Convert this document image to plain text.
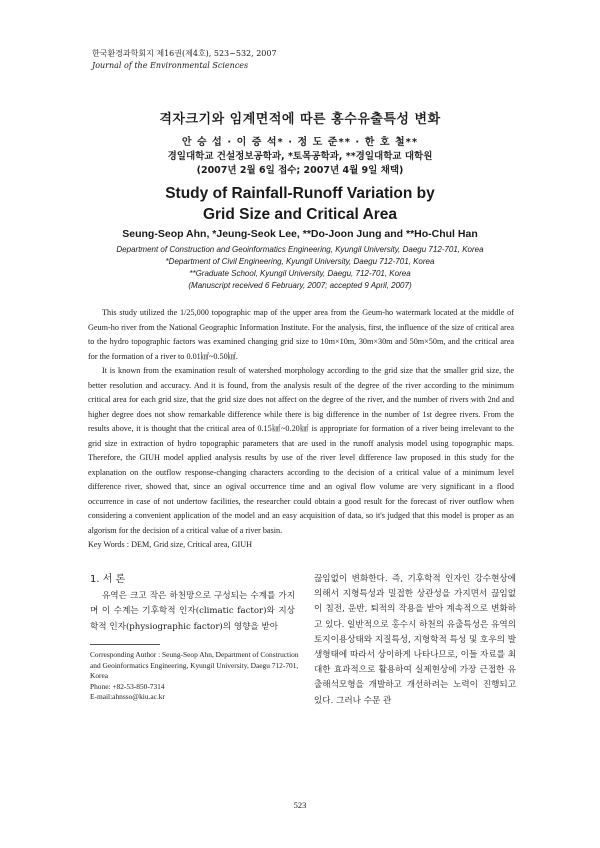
한국환경과학회지 제16권(제4호), 523~532, 2007
Journal of the Environmental Sciences
격자크기와 임계면적에 따른 홍수유출특성 변화
안 승 섭 · 이 증 석* · 정 도 준** · 한 호 철**
경일대학교 건설정보공학과, *토목공학과, **경일대학교 대학원
(2007년 2월 6일 접수; 2007년 4월 9일 채택)
Study of Rainfall-Runoff Variation by
Grid Size and Critical Area
Seung-Seop Ahn, *Jeung-Seok Lee, **Do-Joon Jung and **Ho-Chul Han
Department of Construction and Geoinformatics Engineering, Kyungil University, Daegu 712-701, Korea
*Department of Civil Engineering, Kyungil University, Daegu 712-701, Korea
**Graduate School, Kyungil University, Daegu, 712-701, Korea
(Manuscript received 6 February, 2007; accepted 9 April, 2007)

This study utilized the 1/25,000 topographic map of the upper area from the Geum-ho watermark located at the middle of Geum-ho river from the National Geographic Information Institute. For the analysis, first, the influence of the size of critical area to the hydro topographic factors was examined changing grid size to 10m×10m, 30m×30m and 50m×50m, and the critical area for the formation of a river to 0.01㎢~0.50㎢.

It is known from the examination result of watershed morphology according to the grid size that the smaller grid size, the better resolution and accuracy. And it is found, from the analysis result of the degree of the river according to the minimum critical area for each grid size, that the grid size does not affect on the degree of the river, and the number of rivers with 2nd and higher degree does not show remarkable difference while there is big difference in the number of 1st degree rivers. From the results above, it is thought that the critical area of 0.15㎢~0.20㎢ is appropriate for formation of a river being irrelevant to the grid size in extraction of hydro topographic parameters that are used in the runoff analysis model using topographic maps. Therefore, the GIUH model applied analysis results by use of the river level difference law proposed in this study for the explanation on the outflow response-changing characters according to the decision of a critical value of a minimum level difference river, showed that, since an ogival occurrence time and an ogival flow volume are very significant in a flood occurrence in case of not undertow facilities, the researcher could obtain a good result for the forecast of river outflow when considering a convenient application of the model and an easy acquisition of data, so it's judged that this model is proper as an algorism for the decision of a critical value of a river basin.

Key Words : DEM, Grid size, Critical area, GIUH
1. 서 론

유역은 크고 작은 하천망으로 구성되는 수계를 가지며 이 수계는 기후학적 인자(climatic factor)와 지상학적 인자(physiographic factor)의 영향을 받아

Corresponding Author : Seung-Seop Ahn, Department of Construction and Geoinformatics Engineering, Kyungil University, Daegu 712-701, Korea
Phone: +82-53-850-7314
E-mail:ahnsso@kiu.ac.kr

끊임없이 변화한다. 즉, 기후학적 인자인 강수현상에 의해서 지형특성과 밀접한 상관성을 가지면서 끊임없이 침전, 운반, 퇴적의 작용을 받아 계속적으로 변화하고 있다. 일반적으로 홍수시 하천의 유출특성은 유역의 토지이용상태와 지질특성, 지형학적 특성 및 호우의 발생형태에 따라서 상이하게 나타나므로, 이들 자료를 최대한 효과적으로 활용하여 실제현상에 가장 근접한 유출해석모형을 개발하고 개선하려는 노력이 진행되고 있다. 그러나 수문 관

523
